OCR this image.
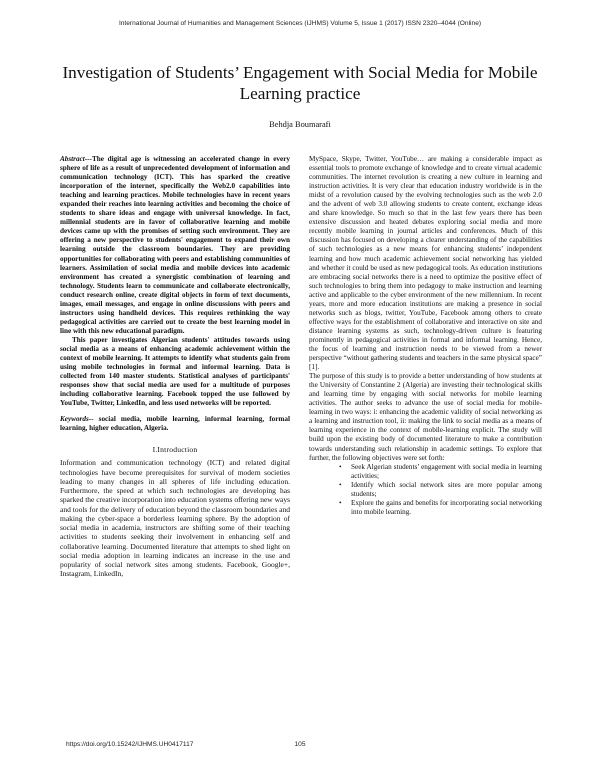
International Journal of Humanities and Management Sciences (IJHMS) Volume 5, Issue 1 (2017) ISSN 2320–4044 (Online)
Investigation of Students’ Engagement with Social Media for Mobile Learning practice
Behdja Boumarafi

Abstract---The digital age is witnessing an accelerated change in every sphere of life as a result of unprecedented development of information and communication technology (ICT). This has sparked the creative incorporation of the internet, specifically the Web2.0 capabilities into teaching and learning practices. Mobile technologies have in recent years expanded their reaches into learning activities and becoming the choice of students to share ideas and engage with universal knowledge. In fact, millennial students are in favor of collaborative learning and mobile devices came up with the promises of setting such environment. They are offering a new perspective to students' engagement to expand their own learning outside the classroom boundaries. They are providing opportunities for collaborating with peers and establishing communities of learners. Assimilation of social media and mobile devices into academic environment has created a synergistic combination of learning and technology. Students learn to communicate and collaborate electronically, conduct research online, create digital objects in form of text documents, images, email messages, and engage in online discussions with peers and instructors using handheld devices. This requires rethinking the way pedagogical activities are carried out to create the best learning model in line with this new educational paradigm.

This paper investigates Algerian students' attitudes towards using social media as a means of enhancing academic achievement within the context of mobile learning. It attempts to identify what students gain from using mobile technologies in formal and informal learning. Data is collected from 140 master students. Statistical analyses of participants' responses show that social media are used for a multitude of purposes including collaborative learning. Facebook topped the use followed by YouTube, Twitter, LinkedIn, and less used networks will be reported.

Keywords-- social media, mobile learning, informal learning, formal learning, higher education, Algeria.

I.Introduction

Information and communication technology (ICT) and related digital technologies have become prerequisites for survival of modern societies leading to many changes in all spheres of life including education. Furthermore, the speed at which such technologies are developing has sparked the creative incorporation into education systems offering new ways and tools for the delivery of education beyond the classroom boundaries and making the cyber-space a borderless learning sphere. By the adoption of social media in academia, instructors are shifting some of their teaching activities to students seeking their involvement in enhancing self and collaborative learning. Documented literature that attempts to shed light on social media adoption in learning indicates an increase in the use and popularity of social network sites among students. Facebook, Google+, Instagram, LinkedIn,

MySpace, Skype, Twitter, YouTube… are making a considerable impact as essential tools to promote exchange of knowledge and to create virtual academic communities. The internet revolution is creating a new culture in learning and instruction activities. It is very clear that education industry worldwide is in the midst of a revolution caused by the evolving technologies such as the web 2.0 and the advent of web 3.0 allowing students to create content, exchange ideas and share knowledge. So much so that in the last few years there has been extensive discussion and heated debates exploring social media and more recently mobile learning in journal articles and conferences. Much of this discussion has focused on developing a clearer understanding of the capabilities of such technologies as a new means for enhancing students’ independent learning and how much academic achievement social networking has yielded and whether it could be used as new pedagogical tools. As education institutions are embracing social networks there is a need to optimize the positive effect of such technologies to bring them into pedagogy to make instruction and learning active and applicable to the cyber environment of the new millennium. In recent years, more and more education institutions are making a presence in social networks such as blogs, twitter, YouTube, Facebook among others to create effective ways for the establishment of collaborative and interactive on site and distance learning systems as such, technology-driven culture is featuring prominently in pedagogical activities in formal and informal learning. Hence, the focus of learning and instruction needs to be viewed from a newer perspective “without gathering students and teachers in the same physical space” [1].

The purpose of this study is to provide a better understanding of how students at the University of Constantine 2 (Algeria) are investing their technological skills and learning time by engaging with social networks for mobile learning activities. The author seeks to advance the use of social media for mobile-learning in two ways: i: enhancing the academic validity of social networking as a learning and instruction tool, ii: making the link to social media as a means of learning experience in the context of mobile-learning explicit. The study will build upon the existing body of documented literature to make a contribution towards understanding such relationship in academic settings. To explore that further, the following objectives were set forth:

• Seek Algerian students’ engagement with social media in learning activities;
• Identify which social network sites are more popular among students;
• Explore the gains and benefits for incorporating social networking into mobile learning.
https://doi.org/10.15242/IJHMS.UH0417117	105
